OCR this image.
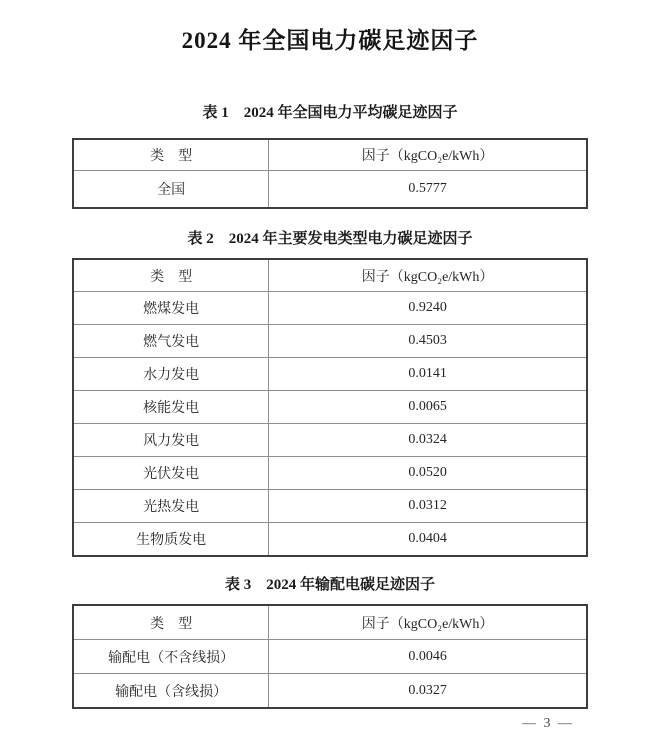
2024 年全国电力碳足迹因子
表 1　2024 年全国电力平均碳足迹因子
类　型	因子（kgCO₂e/kWh）
全国	0.5777
表 2　2024 年主要发电类型电力碳足迹因子
类　型	因子（kgCO₂e/kWh）
燃煤发电	0.9240
燃气发电	0.4503
水力发电	0.0141
核能发电	0.0065
风力发电	0.0324
光伏发电	0.0520
光热发电	0.0312
生物质发电	0.0404
表 3　2024 年输配电碳足迹因子
类　型	因子（kgCO₂e/kWh）
输配电（不含线损）	0.0046
输配电（含线损）	0.0327
— 3 —
